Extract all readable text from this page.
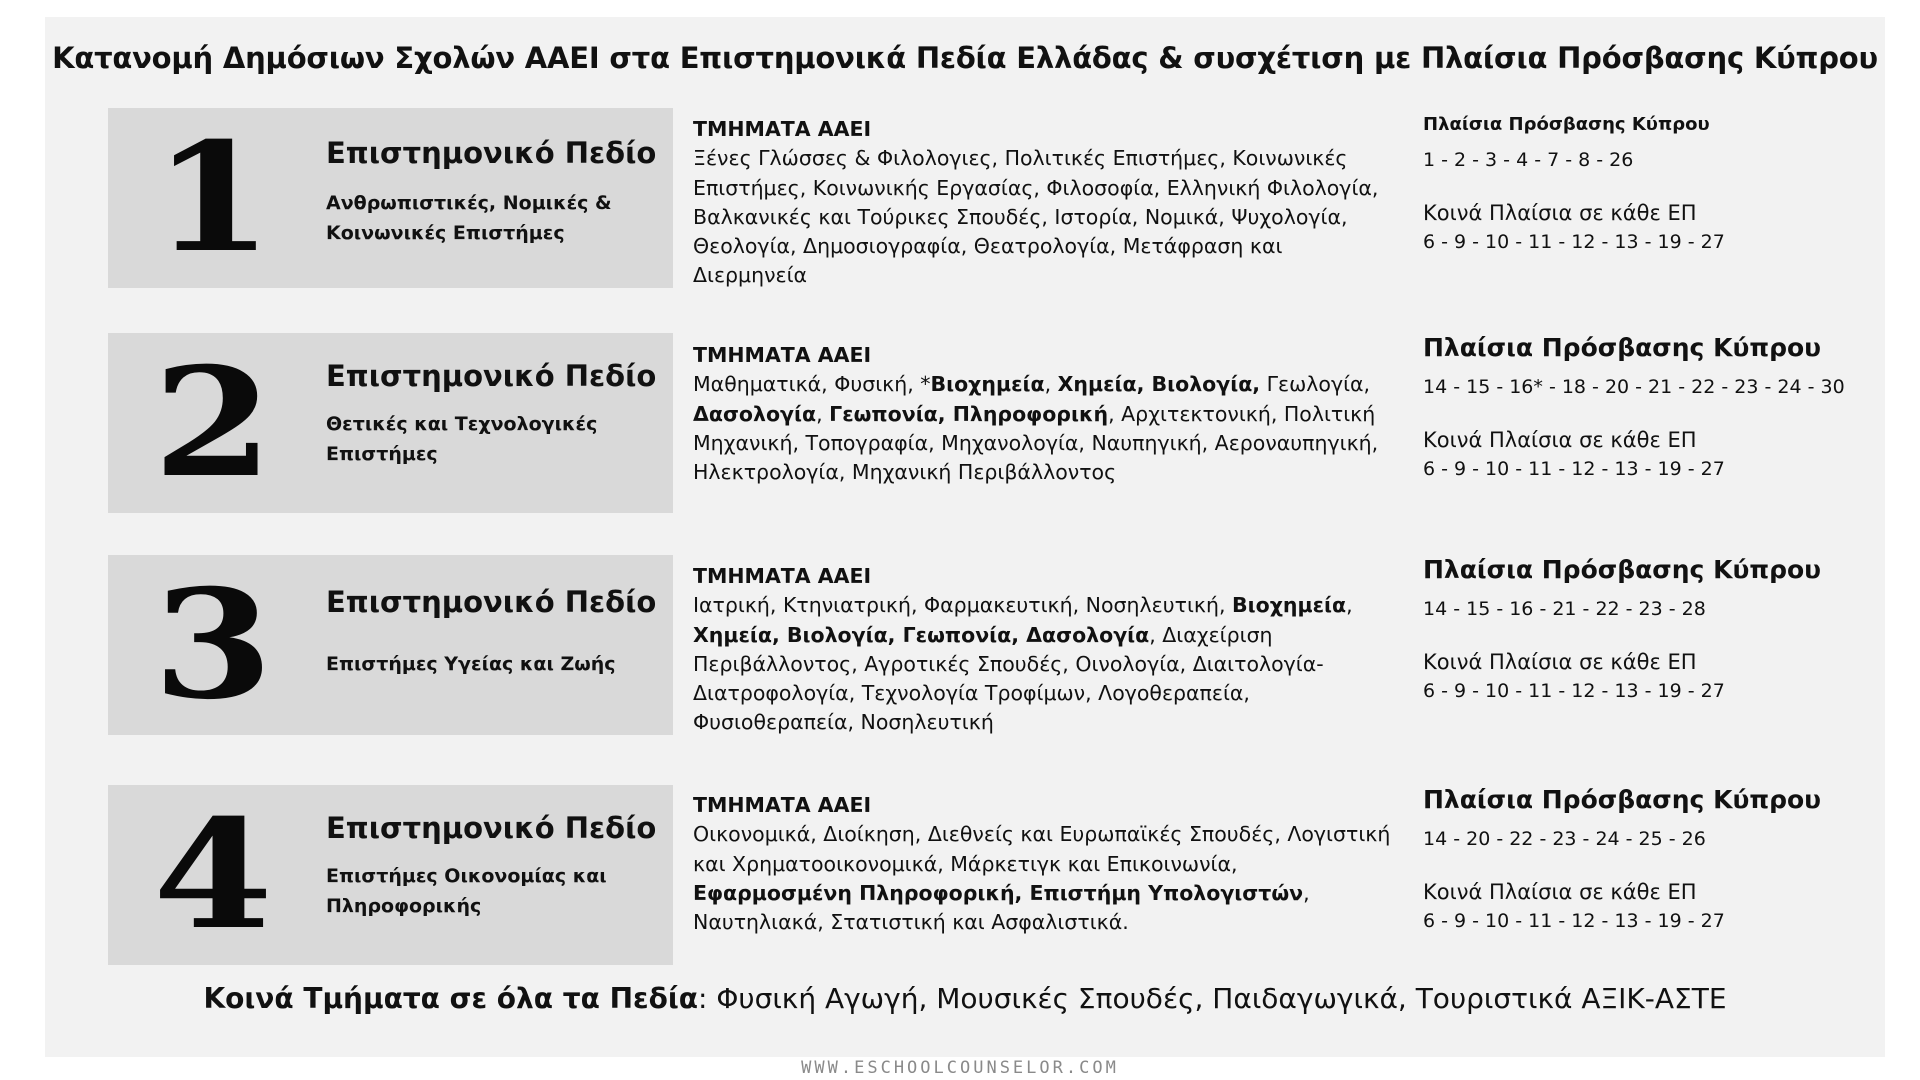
Κατανομή Δημόσιων Σχολών ΑΑΕΙ στα Επιστημονικά Πεδία Ελλάδας & συσχέτιση με Πλαίσια Πρόσβασης Κύπρου
1	Επιστημονικό Πεδίο
Ανθρωπιστικές, Νομικές & Κοινωνικές Επιστήμες
ΤΜΗΜΑΤΑ ΑΑΕΙ
Ξένες Γλώσσες & Φιλολογιες, Πολιτικές Επιστήμες, Κοινωνικές Επιστήμες, Κοινωνικής Εργασίας, Φιλοσοφία, Ελληνική Φιλολογία, Βαλκανικές και Τούρικες Σπουδές, Ιστορία, Νομικά, Ψυχολογία, Θεολογία, Δημοσιογραφία, Θεατρολογία, Μετάφραση και Διερμηνεία
Πλαίσια Πρόσβασης Κύπρου
1 - 2 - 3 - 4 - 7 - 8 - 26
Κοινά Πλαίσια σε κάθε ΕΠ
6 - 9 - 10 - 11 - 12 - 13 - 19 - 27
2	Επιστημονικό Πεδίο
Θετικές και Τεχνολογικές Επιστήμες
ΤΜΗΜΑΤΑ ΑΑΕΙ
Μαθηματικά, Φυσική, *Βιοχημεία, Χημεία, Βιολογία, Γεωλογία, Δασολογία, Γεωπονία, Πληροφορική, Αρχιτεκτονική, Πολιτική Μηχανική, Τοπογραφία, Μηχανολογία, Ναυπηγική, Αεροναυπηγική, Ηλεκτρολογία, Μηχανική Περιβάλλοντος
Πλαίσια Πρόσβασης Κύπρου
14 - 15 - 16* - 18 - 20 - 21 - 22 - 23 - 24 - 30
Κοινά Πλαίσια σε κάθε ΕΠ
6 - 9 - 10 - 11 - 12 - 13 - 19 - 27
3	Επιστημονικό Πεδίο
Επιστήμες Υγείας και Ζωής
ΤΜΗΜΑΤΑ ΑΑΕΙ
Ιατρική, Κτηνιατρική, Φαρμακευτική, Νοσηλευτική, Βιοχημεία, Χημεία, Βιολογία, Γεωπονία, Δασολογία, Διαχείριση Περιβάλλοντος, Αγροτικές Σπουδές, Οινολογία, Διαιτολογία-Διατροφολογία, Τεχνολογία Τροφίμων, Λογοθεραπεία, Φυσιοθεραπεία, Νοσηλευτική
Πλαίσια Πρόσβασης Κύπρου
14 - 15 - 16 - 21 - 22 - 23 - 28
Κοινά Πλαίσια σε κάθε ΕΠ
6 - 9 - 10 - 11 - 12 - 13 - 19 - 27
4	Επιστημονικό Πεδίο
Επιστήμες Οικονομίας και Πληροφορικής
ΤΜΗΜΑΤΑ ΑΑΕΙ
Οικονομικά, Διοίκηση, Διεθνείς και Ευρωπαϊκές Σπουδές, Λογιστική και Χρηματοοικονομικά, Μάρκετιγκ και Επικοινωνία, Εφαρμοσμένη Πληροφορική, Επιστήμη Υπολογιστών, Ναυτηλιακά, Στατιστική και Ασφαλιστικά.
Πλαίσια Πρόσβασης Κύπρου
14 - 20 - 22 - 23 - 24 - 25 - 26
Κοινά Πλαίσια σε κάθε ΕΠ
6 - 9 - 10 - 11 - 12 - 13 - 19 - 27
Κοινά Τμήματα σε όλα τα Πεδία: Φυσική Αγωγή, Μουσικές Σπουδές, Παιδαγωγικά, Τουριστικά ΑΞΙΚ-ΑΣΤΕ
WWW.ESCHOOLCOUNSELOR.COM
